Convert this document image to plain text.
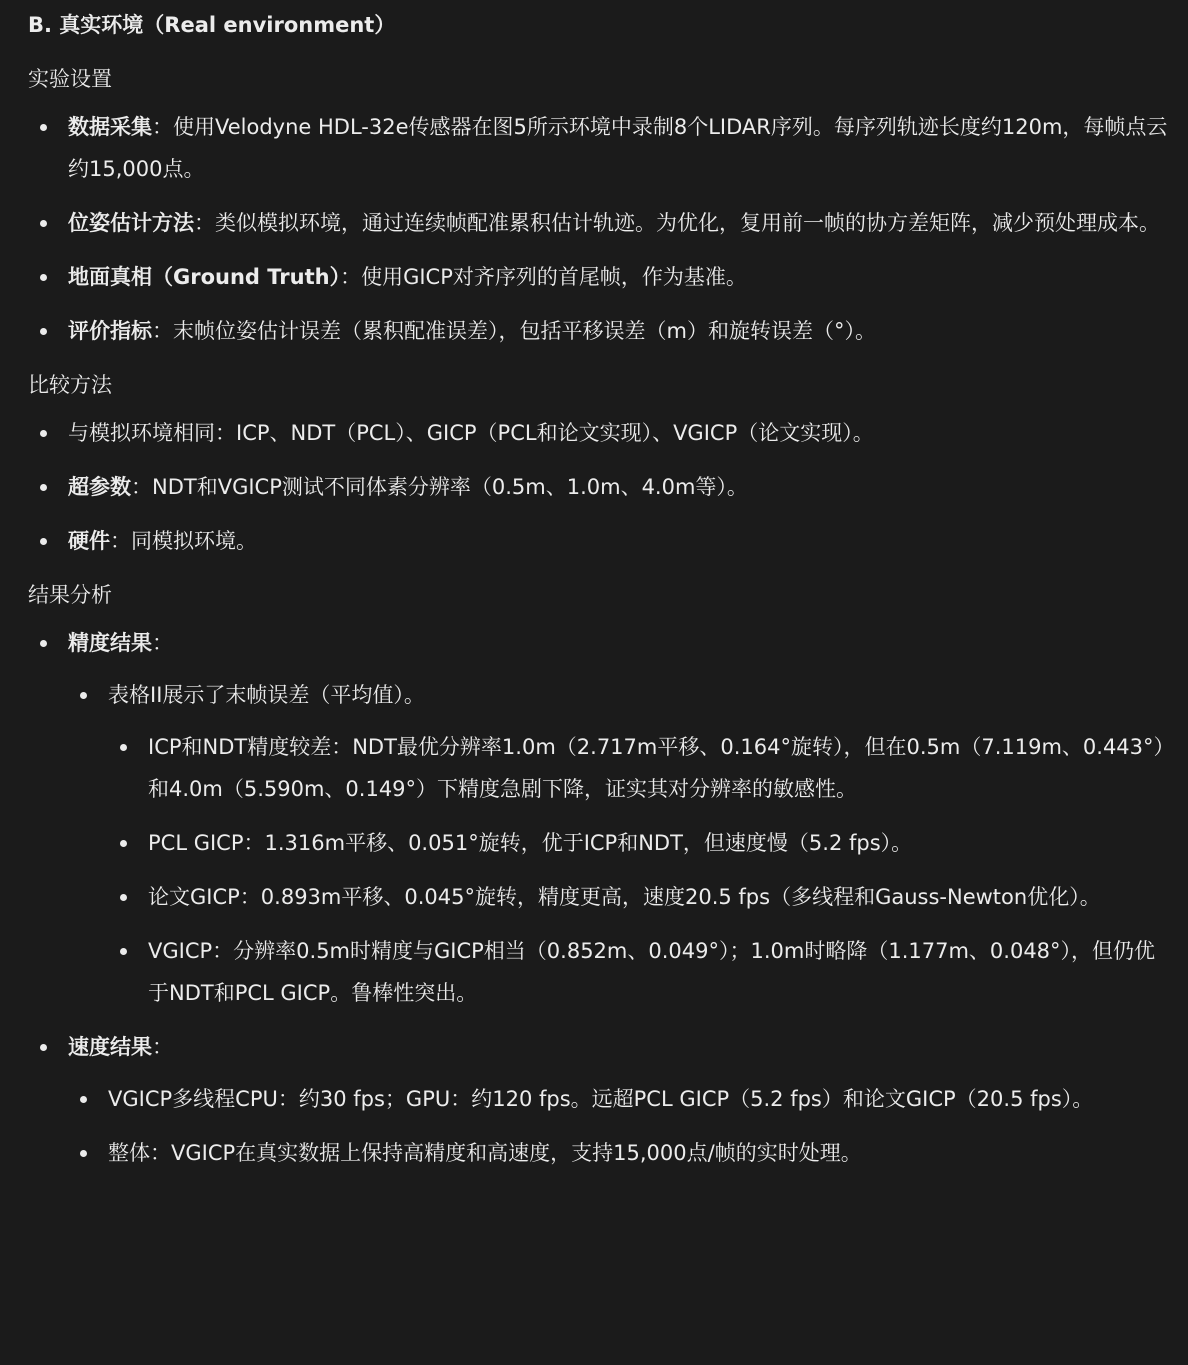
B. 真实环境（Real environment）
实验设置
数据采集：使用Velodyne HDL-32e传感器在图5所示环境中录制8个LIDAR序列。每序列轨迹长度约120m，每帧点云约15,000点。
位姿估计方法：类似模拟环境，通过连续帧配准累积估计轨迹。为优化，复用前一帧的协方差矩阵，减少预处理成本。
地面真相（Ground Truth）：使用GICP对齐序列的首尾帧，作为基准。
评价指标：末帧位姿估计误差（累积配准误差），包括平移误差（m）和旋转误差（°）。
比较方法
与模拟环境相同：ICP、NDT（PCL）、GICP（PCL和论文实现）、VGICP（论文实现）。
超参数：NDT和VGICP测试不同体素分辨率（0.5m、1.0m、4.0m等）。
硬件：同模拟环境。
结果分析
精度结果：
表格II展示了末帧误差（平均值）。
ICP和NDT精度较差：NDT最优分辨率1.0m（2.717m平移、0.164°旋转），但在0.5m（7.119m、0.443°）和4.0m（5.590m、0.149°）下精度急剧下降，证实其对分辨率的敏感性。
PCL GICP：1.316m平移、0.051°旋转，优于ICP和NDT，但速度慢（5.2 fps）。
论文GICP：0.893m平移、0.045°旋转，精度更高，速度20.5 fps（多线程和Gauss-Newton优化）。
VGICP：分辨率0.5m时精度与GICP相当（0.852m、0.049°）；1.0m时略降（1.177m、0.048°），但仍优于NDT和PCL GICP。鲁棒性突出。
速度结果：
VGICP多线程CPU：约30 fps；GPU：约120 fps。远超PCL GICP（5.2 fps）和论文GICP（20.5 fps）。
整体：VGICP在真实数据上保持高精度和高速度，支持15,000点/帧的实时处理。
